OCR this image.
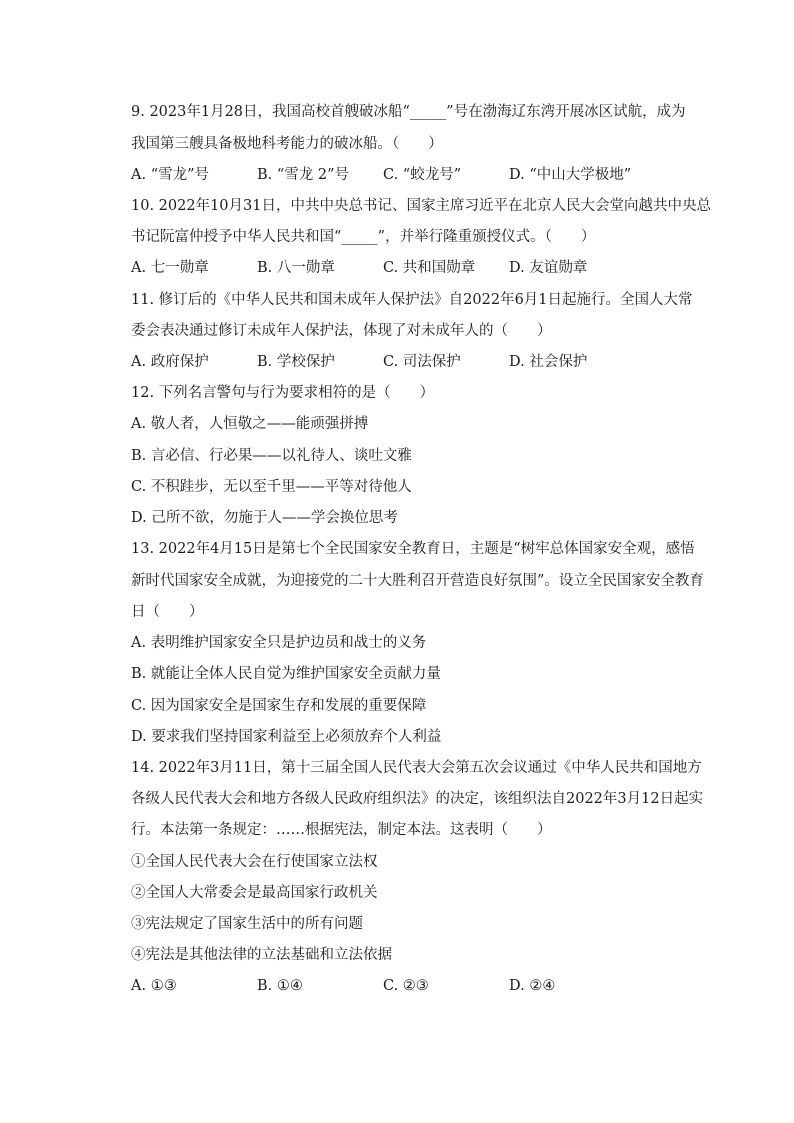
9. 2023年1月28日，我国高校首艘破冰船“_____”号在渤海辽东湾开展冰区试航，成为
我国第三艘具备极地科考能力的破冰船。（　　）
A. “雪龙”号	B. “雪龙 2”号 C. “蛟龙号”	D. “中山大学极地”
10. 2022年10月31日，中共中央总书记、国家主席习近平在北京人民大会堂向越共中央总
书记阮富仲授予中华人民共和国“_____”，并举行隆重颁授仪式。（　　）
A. 七一勋章	B. 八一勋章	C. 共和国勋章 D. 友谊勋章
11. 修订后的《中华人民共和国未成年人保护法》自2022年6月1日起施行。全国人大常
委会表决通过修订未成年人保护法，体现了对未成年人的（　　）
A. 政府保护	B. 学校保护	C. 司法保护	D. 社会保护
12. 下列名言警句与行为要求相符的是（　　）
A. 敬人者，人恒敬之——能顽强拼搏
B. 言必信、行必果——以礼待人、谈吐文雅
C. 不积跬步，无以至千里——平等对待他人
D. 己所不欲，勿施于人——学会换位思考
13. 2022年4月15日是第七个全民国家安全教育日，主题是“树牢总体国家安全观，感悟
新时代国家安全成就，为迎接党的二十大胜利召开营造良好氛围”。设立全民国家安全教育
日（　　）
A. 表明维护国家安全只是护边员和战士的义务
B. 就能让全体人民自觉为维护国家安全贡献力量
C. 因为国家安全是国家生存和发展的重要保障
D. 要求我们坚持国家利益至上必须放弃个人利益
14. 2022年3月11日，第十三届全国人民代表大会第五次会议通过《中华人民共和国地方
各级人民代表大会和地方各级人民政府组织法》的决定，该组织法自2022年3月12日起实
行。本法第一条规定：……根据宪法，制定本法。这表明（　　）
①全国人民代表大会在行使国家立法权
②全国人大常委会是最高国家行政机关
③宪法规定了国家生活中的所有问题
④宪法是其他法律的立法基础和立法依据
A. ①③	B. ①④	C. ②③	D. ②④
